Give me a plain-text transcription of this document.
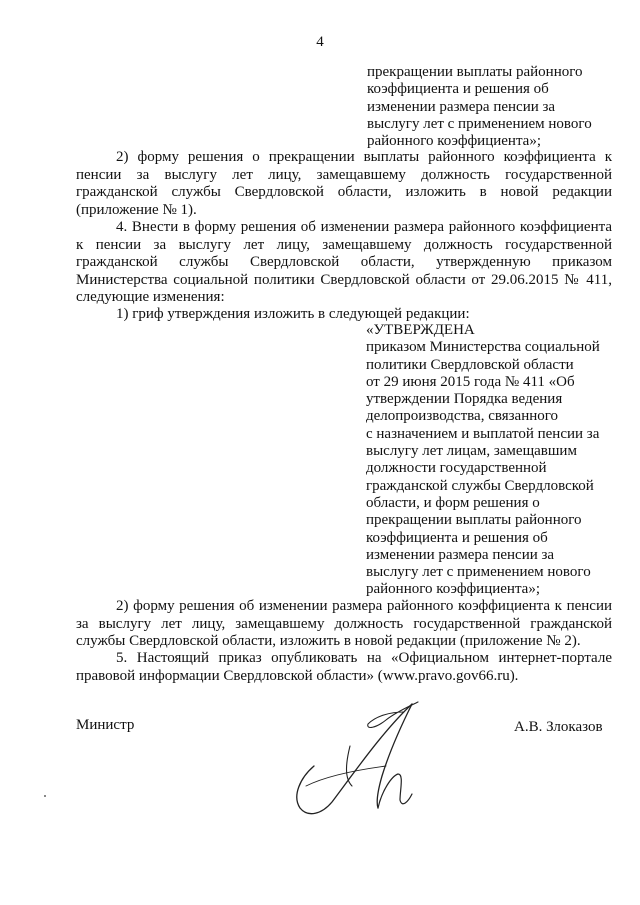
4
прекращении выплаты районного
коэффициента и решения об
изменении размера пенсии за
выслугу лет с применением нового
районного коэффициента»;
2) форму решения о прекращении выплаты районного коэффициента к
пенсии за выслугу лет лицу, замещавшему должность государственной
гражданской службы Свердловской области, изложить в новой редакции
(приложение № 1).
4. Внести в форму решения об изменении размера районного коэффициента
к пенсии за выслугу лет лицу, замещавшему должность государственной
гражданской службы Свердловской области, утвержденную приказом
Министерства социальной политики Свердловской области от 29.06.2015 № 411,
следующие изменения:
1) гриф утверждения изложить в следующей редакции:
«УТВЕРЖДЕНА
приказом Министерства социальной
политики Свердловской области
от 29 июня 2015 года № 411 «Об
утверждении Порядка ведения
делопроизводства, связанного
с назначением и выплатой пенсии за
выслугу лет лицам, замещавшим
должности государственной
гражданской службы Свердловской
области, и форм решения о
прекращении выплаты районного
коэффициента и решения об
изменении размера пенсии за
выслугу лет с применением нового
районного коэффициента»;
2) форму решения об изменении размера районного коэффициента к пенсии
за выслугу лет лицу, замещавшему должность государственной гражданской
службы Свердловской области, изложить в новой редакции (приложение № 2).
5. Настоящий приказ опубликовать на «Официальном интернет-портале
правовой информации Свердловской области» (www.pravo.gov66.ru).
Министр	А.В. Злоказов
